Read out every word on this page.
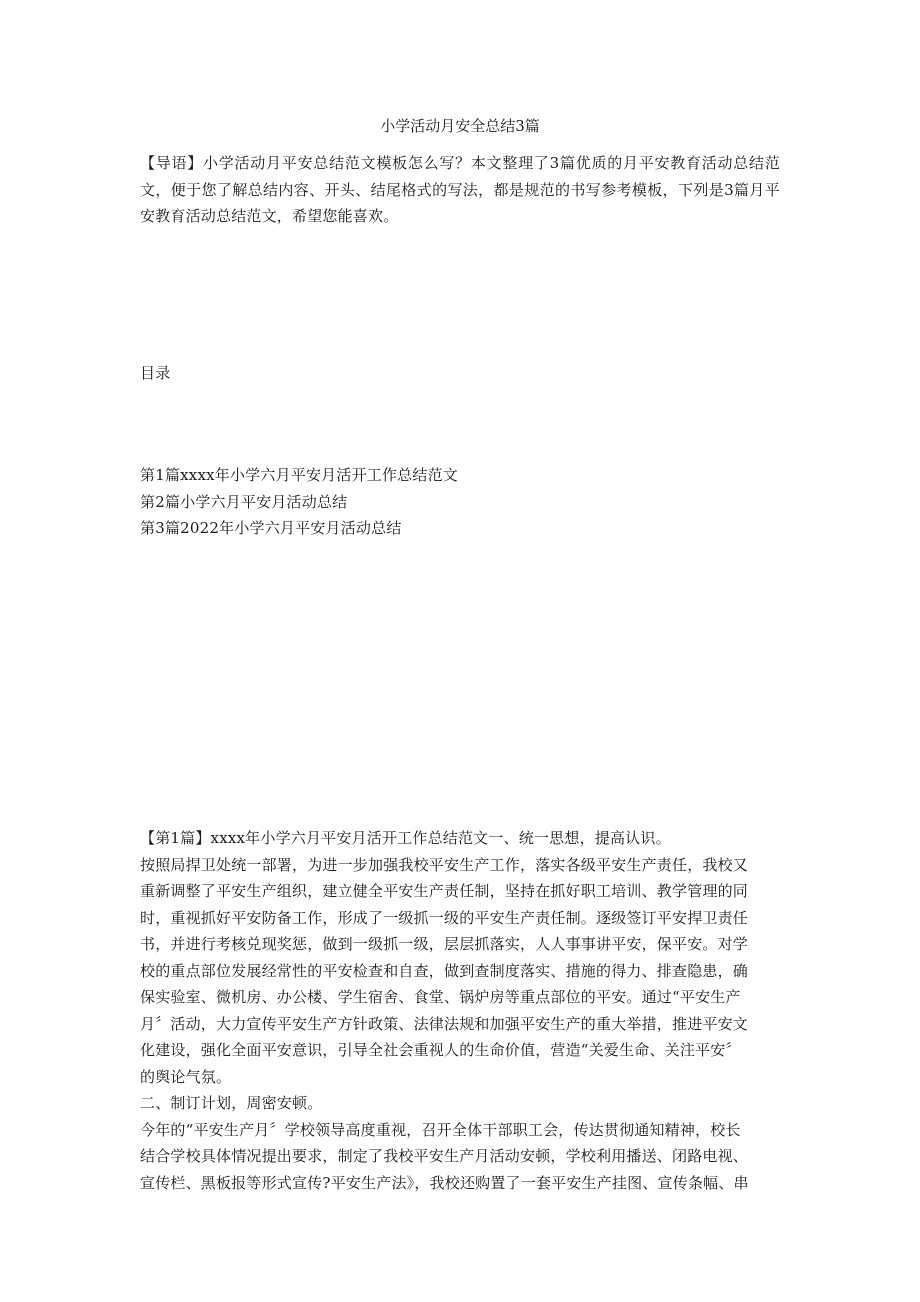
小学活动月安全总结3篇
【导语】小学活动月平安总结范文模板怎么写？本文整理了3篇优质的月平安教育活动总结范文，便于您了解总结内容、开头、结尾格式的写法，都是规范的书写参考模板，下列是3篇月平安教育活动总结范文，希望您能喜欢。
目录
第1篇xxxx年小学六月平安月活开工作总结范文
第2篇小学六月平安月活动总结
第3篇2022年小学六月平安月活动总结
【第1篇】xxxx年小学六月平安月活开工作总结范文一、统一思想，提高认识。
按照局捍卫处统一部署，为进一步加强我校平安生产工作，落实各级平安生产责任，我校又
重新调整了平安生产组织，建立健全平安生产责任制，坚持在抓好职工培训、教学管理的同
时，重视抓好平安防备工作，形成了一级抓一级的平安生产责任制。逐级签订平安捍卫责任
书，并进行考核兑现奖惩，做到一级抓一级，层层抓落实，人人事事讲平安，保平安。对学
校的重点部位发展经常性的平安检查和自查，做到查制度落实、措施的得力、排查隐患，确
保实验室、微机房、办公楼、学生宿舍、食堂、锅炉房等重点部位的平安。通过“平安生产
月〞活动，大力宣传平安生产方针政策、法律法规和加强平安生产的重大举措，推进平安文
化建设，强化全面平安意识，引导全社会重视人的生命价值，营造“关爱生命、关注平安〞
的舆论气氛。
二、制订计划，周密安顿。
今年的“平安生产月〞学校领导高度重视，召开全体干部职工会，传达贯彻通知精神，校长
结合学校具体情况提出要求，制定了我校平安生产月活动安顿，学校利用播送、闭路电视、
宣传栏、黑板报等形式宣传?平安生产法》，我校还购置了一套平安生产挂图、宣传条幅、串
